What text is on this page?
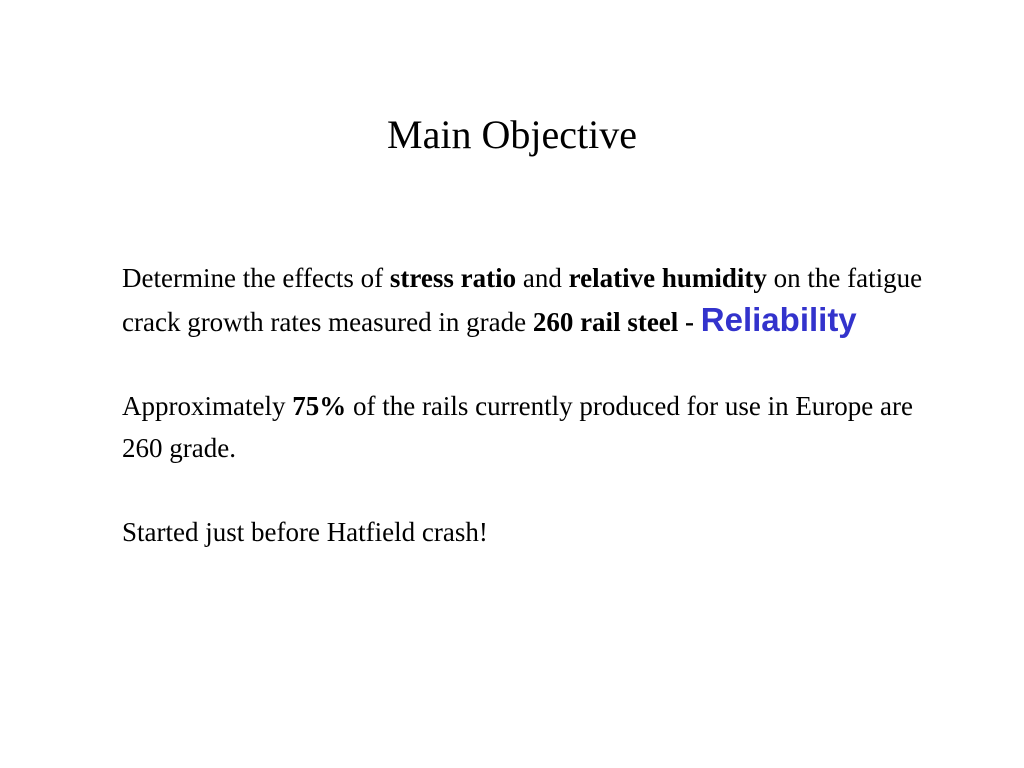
Main Objective

Determine the effects of stress ratio and relative humidity on the fatigue crack growth rates measured in grade 260 rail steel - Reliability

Approximately 75% of the rails currently produced for use in Europe are 260 grade.

Started just before Hatfield crash!
